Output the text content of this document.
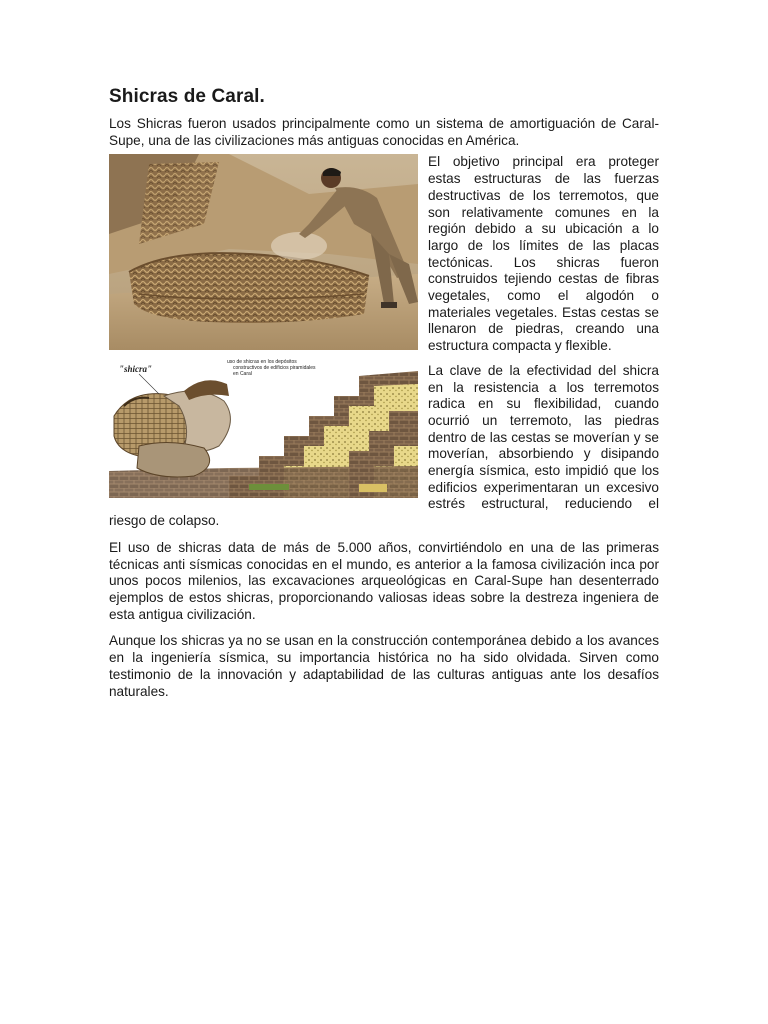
Shicras de Caral.

Los Shicras fueron usados principalmente como un sistema de amortiguación de Caral-Supe, una de las civilizaciones más antiguas conocidas en América.

"shicra"
uso de shicras en los depósitos
constructivos de edificios piramidales
en Caral

El objetivo principal era proteger estas estructuras de las fuerzas destructivas de los terremotos, que son relativamente comunes en la región debido a su ubicación a lo largo de los límites de las placas tectónicas. Los shicras fueron construidos tejiendo cestas de fibras vegetales, como el algodón o materiales vegetales. Estas cestas se llenaron de piedras, creando una estructura compacta y flexible.

La clave de la efectividad del shicra en la resistencia a los terremotos radica en su flexibilidad, cuando ocurrió un terremoto, las piedras dentro de las cestas se moverían y se moverían, absorbiendo y disipando energía sísmica, esto impidió que los edificios experimentaran un excesivo estrés estructural, reduciendo el riesgo de colapso.

El uso de shicras data de más de 5.000 años, convirtiéndolo en una de las primeras técnicas anti sísmicas conocidas en el mundo, es anterior a la famosa civilización inca por unos pocos milenios, las excavaciones arqueológicas en Caral-Supe han desenterrado ejemplos de estos shicras, proporcionando valiosas ideas sobre la destreza ingeniera de esta antigua civilización.

Aunque los shicras ya no se usan en la construcción contemporánea debido a los avances en la ingeniería sísmica, su importancia histórica no ha sido olvidada. Sirven como testimonio de la innovación y adaptabilidad de las culturas antiguas ante los desafíos naturales.
